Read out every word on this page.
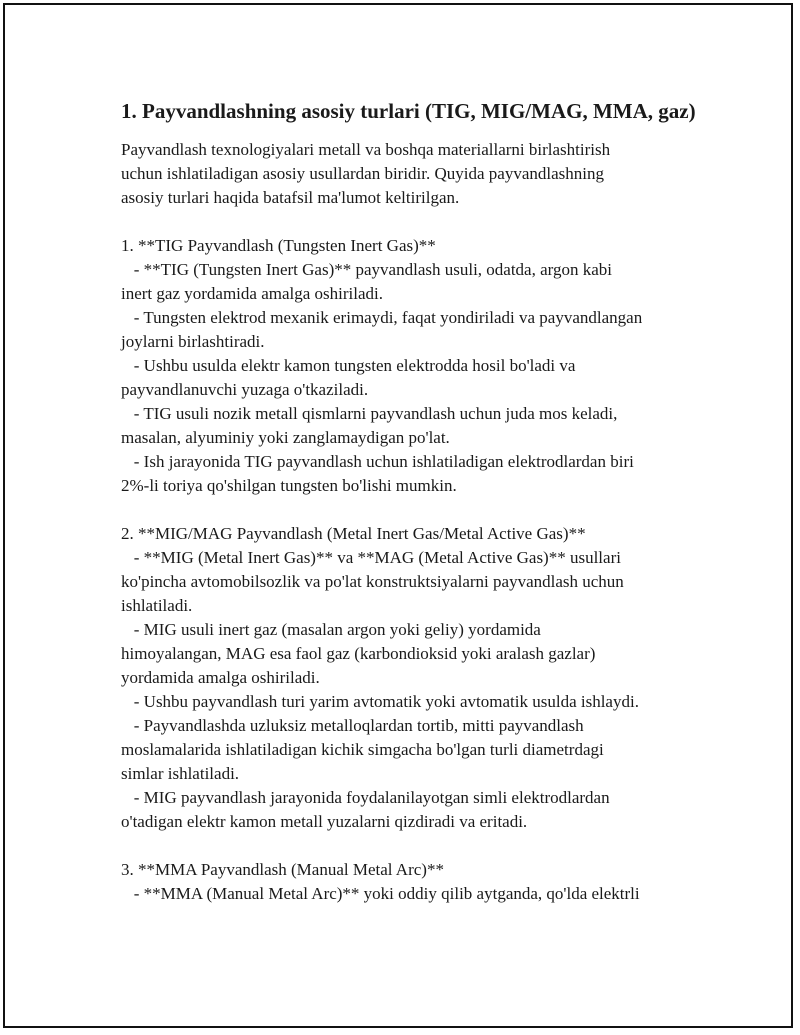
1. Payvandlashning asosiy turlari (TIG, MIG/MAG, MMA, gaz)

Payvandlash texnologiyalari metall va boshqa materiallarni birlashtirish
uchun ishlatiladigan asosiy usullardan biridir. Quyida payvandlashning
asosiy turlari haqida batafsil ma'lumot keltirilgan.

1. **TIG Payvandlash (Tungsten Inert Gas)**
- **TIG (Tungsten Inert Gas)** payvandlash usuli, odatda, argon kabi
inert gaz yordamida amalga oshiriladi.
- Tungsten elektrod mexanik erimaydi, faqat yondiriladi va payvandlangan
joylarni birlashtiradi.
- Ushbu usulda elektr kamon tungsten elektrodda hosil bo'ladi va
payvandlanuvchi yuzaga o'tkaziladi.
- TIG usuli nozik metall qismlarni payvandlash uchun juda mos keladi,
masalan, alyuminiy yoki zanglamaydigan po'lat.
- Ish jarayonida TIG payvandlash uchun ishlatiladigan elektrodlardan biri
2%-li toriya qo'shilgan tungsten bo'lishi mumkin.

2. **MIG/MAG Payvandlash (Metal Inert Gas/Metal Active Gas)**
- **MIG (Metal Inert Gas)** va **MAG (Metal Active Gas)** usullari
ko'pincha avtomobilsozlik va po'lat konstruktsiyalarni payvandlash uchun
ishlatiladi.
- MIG usuli inert gaz (masalan argon yoki geliy) yordamida
himoyalangan, MAG esa faol gaz (karbondioksid yoki aralash gazlar)
yordamida amalga oshiriladi.
- Ushbu payvandlash turi yarim avtomatik yoki avtomatik usulda ishlaydi.
- Payvandlashda uzluksiz metalloqlardan tortib, mitti payvandlash
moslamalarida ishlatiladigan kichik simgacha bo'lgan turli diametrdagi
simlar ishlatiladi.
- MIG payvandlash jarayonida foydalanilayotgan simli elektrodlardan
o'tadigan elektr kamon metall yuzalarni qizdiradi va eritadi.

3. **MMA Payvandlash (Manual Metal Arc)**
- **MMA (Manual Metal Arc)** yoki oddiy qilib aytganda, qo'lda elektrli
